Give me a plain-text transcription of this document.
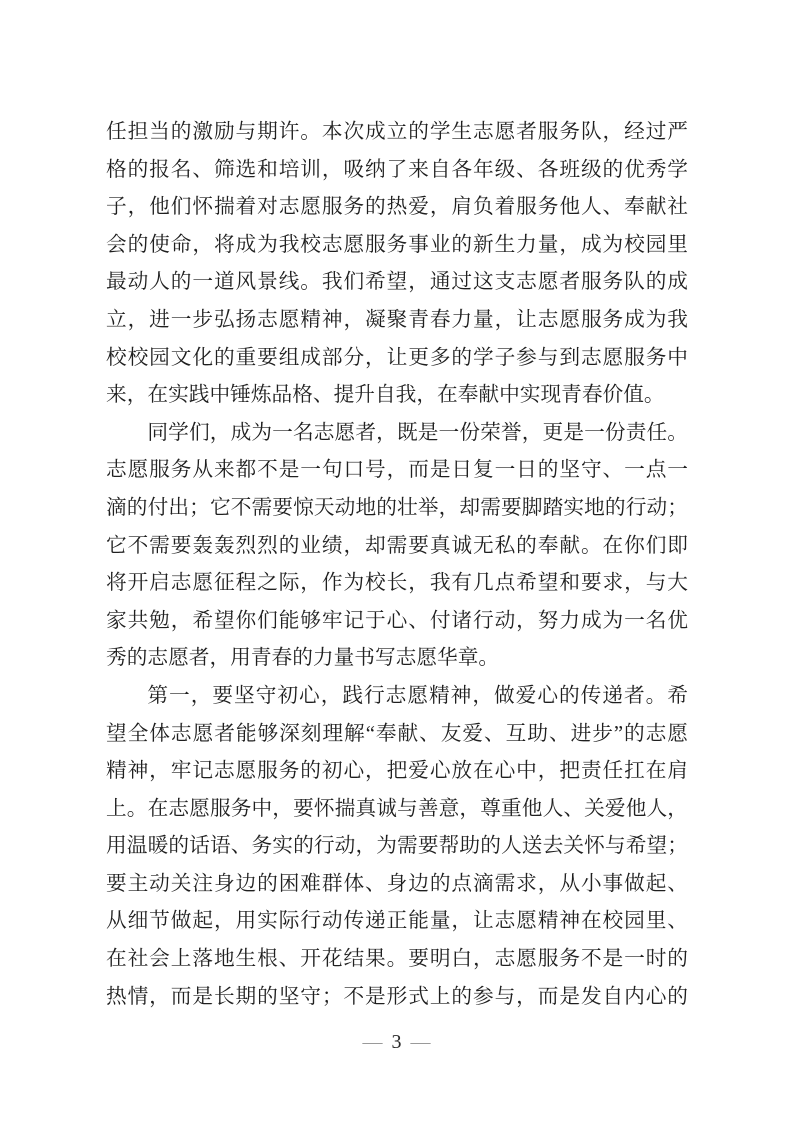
任担当的激励与期许。本次成立的学生志愿者服务队，经过严
格的报名、筛选和培训，吸纳了来自各年级、各班级的优秀学
子，他们怀揣着对志愿服务的热爱，肩负着服务他人、奉献社
会的使命，将成为我校志愿服务事业的新生力量，成为校园里
最动人的一道风景线。我们希望，通过这支志愿者服务队的成
立，进一步弘扬志愿精神，凝聚青春力量，让志愿服务成为我
校校园文化的重要组成部分，让更多的学子参与到志愿服务中
来，在实践中锤炼品格、提升自我，在奉献中实现青春价值。
同学们，成为一名志愿者，既是一份荣誉，更是一份责任。
志愿服务从来都不是一句口号，而是日复一日的坚守、一点一
滴的付出；它不需要惊天动地的壮举，却需要脚踏实地的行动；
它不需要轰轰烈烈的业绩，却需要真诚无私的奉献。在你们即
将开启志愿征程之际，作为校长，我有几点希望和要求，与大
家共勉，希望你们能够牢记于心、付诸行动，努力成为一名优
秀的志愿者，用青春的力量书写志愿华章。
第一，要坚守初心，践行志愿精神，做爱心的传递者。希
望全体志愿者能够深刻理解“奉献、友爱、互助、进步”的志愿
精神，牢记志愿服务的初心，把爱心放在心中，把责任扛在肩
上。在志愿服务中，要怀揣真诚与善意，尊重他人、关爱他人，
用温暖的话语、务实的行动，为需要帮助的人送去关怀与希望；
要主动关注身边的困难群体、身边的点滴需求，从小事做起、
从细节做起，用实际行动传递正能量，让志愿精神在校园里、
在社会上落地生根、开花结果。要明白，志愿服务不是一时的
热情，而是长期的坚守；不是形式上的参与，而是发自内心的
— 3 —
